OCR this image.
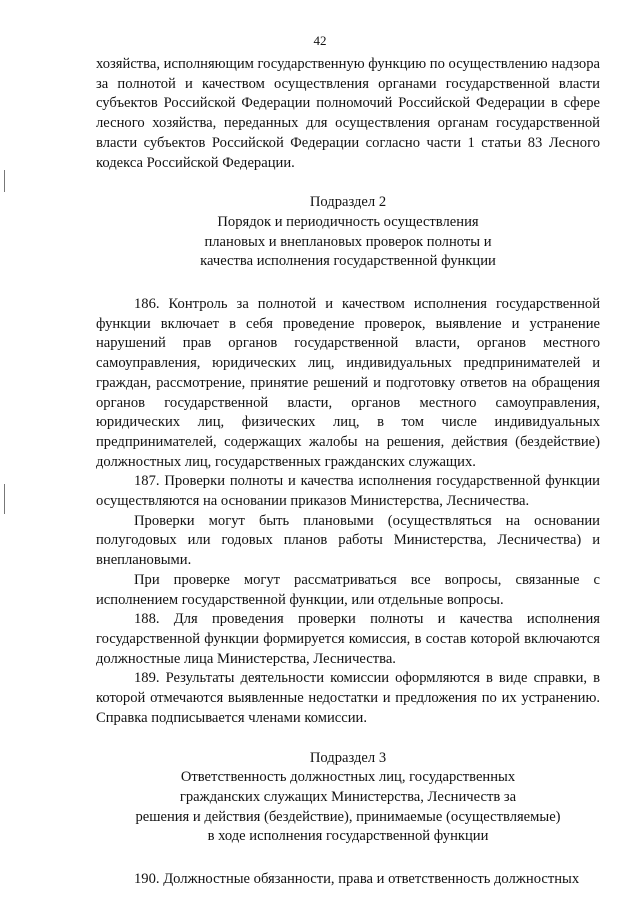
42

хозяйства, исполняющим государственную функцию по осуществлению надзора за полнотой и качеством осуществления органами государственной власти субъектов Российской Федерации полномочий Российской Федерации в сфере лесного хозяйства, переданных для осуществления органам государственной власти субъектов Российской Федерации согласно части 1 статьи 83 Лесного кодекса Российской Федерации.

Подраздел 2
Порядок и периодичность осуществления
плановых и внеплановых проверок полноты и
качества исполнения государственной функции

186. Контроль за полнотой и качеством исполнения государственной функции включает в себя проведение проверок, выявление и устранение нарушений прав органов государственной власти, органов местного самоуправления, юридических лиц, индивидуальных предпринимателей и граждан, рассмотрение, принятие решений и подготовку ответов на обращения органов государственной власти, органов местного самоуправления, юридических лиц, физических лиц, в том числе индивидуальных предпринимателей, содержащих жалобы на решения, действия (бездействие) должностных лиц, государственных гражданских служащих.

187. Проверки полноты и качества исполнения государственной функции осуществляются на основании приказов Министерства, Лесничества.

Проверки могут быть плановыми (осуществляться на основании полугодовых или годовых планов работы Министерства, Лесничества) и внеплановыми.

При проверке могут рассматриваться все вопросы, связанные с исполнением государственной функции, или отдельные вопросы.

188. Для проведения проверки полноты и качества исполнения государственной функции формируется комиссия, в состав которой включаются должностные лица Министерства, Лесничества.

189. Результаты деятельности комиссии оформляются в виде справки, в которой отмечаются выявленные недостатки и предложения по их устранению. Справка подписывается членами комиссии.

Подраздел 3
Ответственность должностных лиц, государственных
гражданских служащих Министерства, Лесничеств за
решения и действия (бездействие), принимаемые (осуществляемые)
в ходе исполнения государственной функции

190. Должностные обязанности, права и ответственность должностных
